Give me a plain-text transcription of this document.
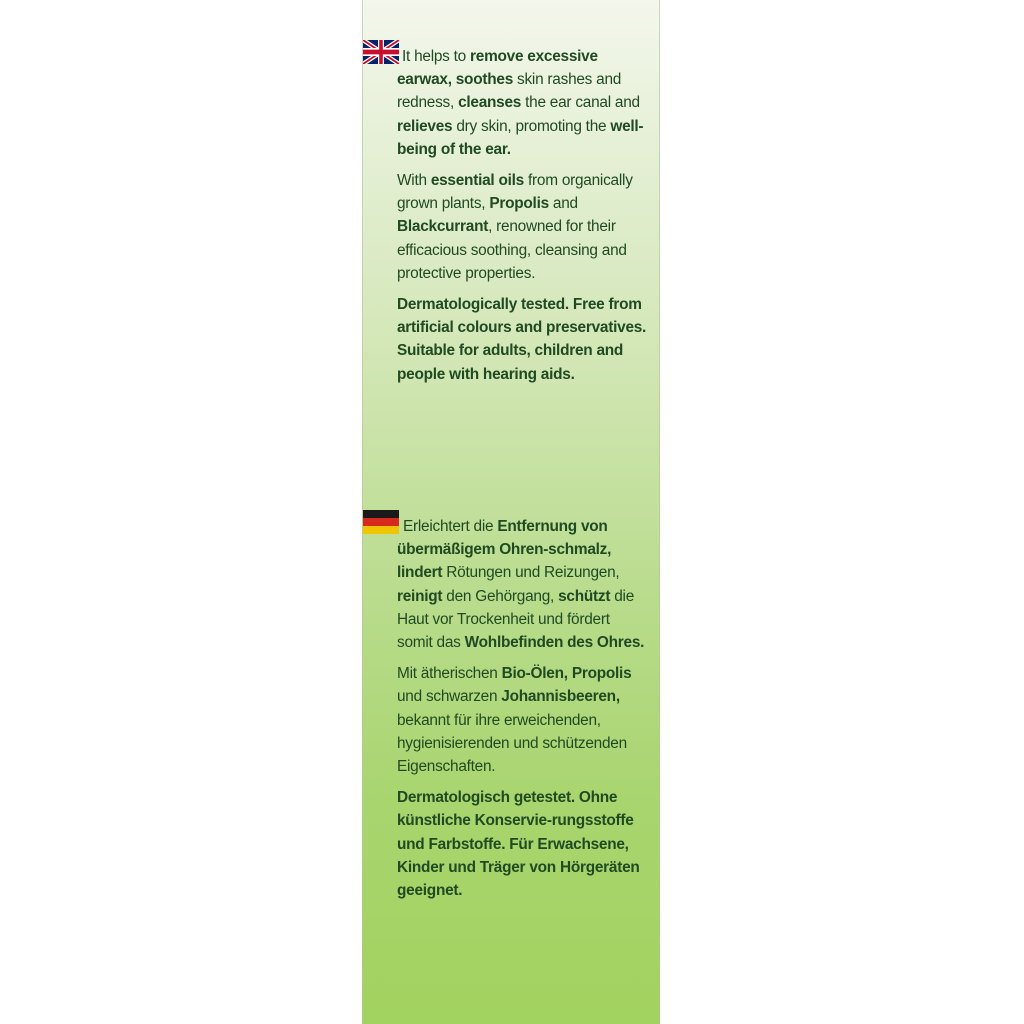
It helps to remove excessive earwax, soothes skin rashes and redness, cleanses the ear canal and relieves dry skin, promoting the well-being of the ear.

With essential oils from organically grown plants, Propolis and Blackcurrant, renowned for their efficacious soothing, cleansing and protective properties.

Dermatologically tested. Free from artificial colours and preservatives. Suitable for adults, children and people with hearing aids.

Erleichtert die Entfernung von übermäßigem Ohren-schmalz, lindert Rötungen und Reizungen, reinigt den Gehörgang, schützt die Haut vor Trockenheit und fördert somit das Wohlbefinden des Ohres.

Mit ätherischen Bio-Ölen, Propolis und schwarzen Johannisbeeren, bekannt für ihre erweichenden, hygienisierenden und schützenden Eigenschaften.

Dermatologisch getestet. Ohne künstliche Konservie-rungsstoffe und Farbstoffe. Für Erwachsene, Kinder und Träger von Hörgeräten geeignet.
